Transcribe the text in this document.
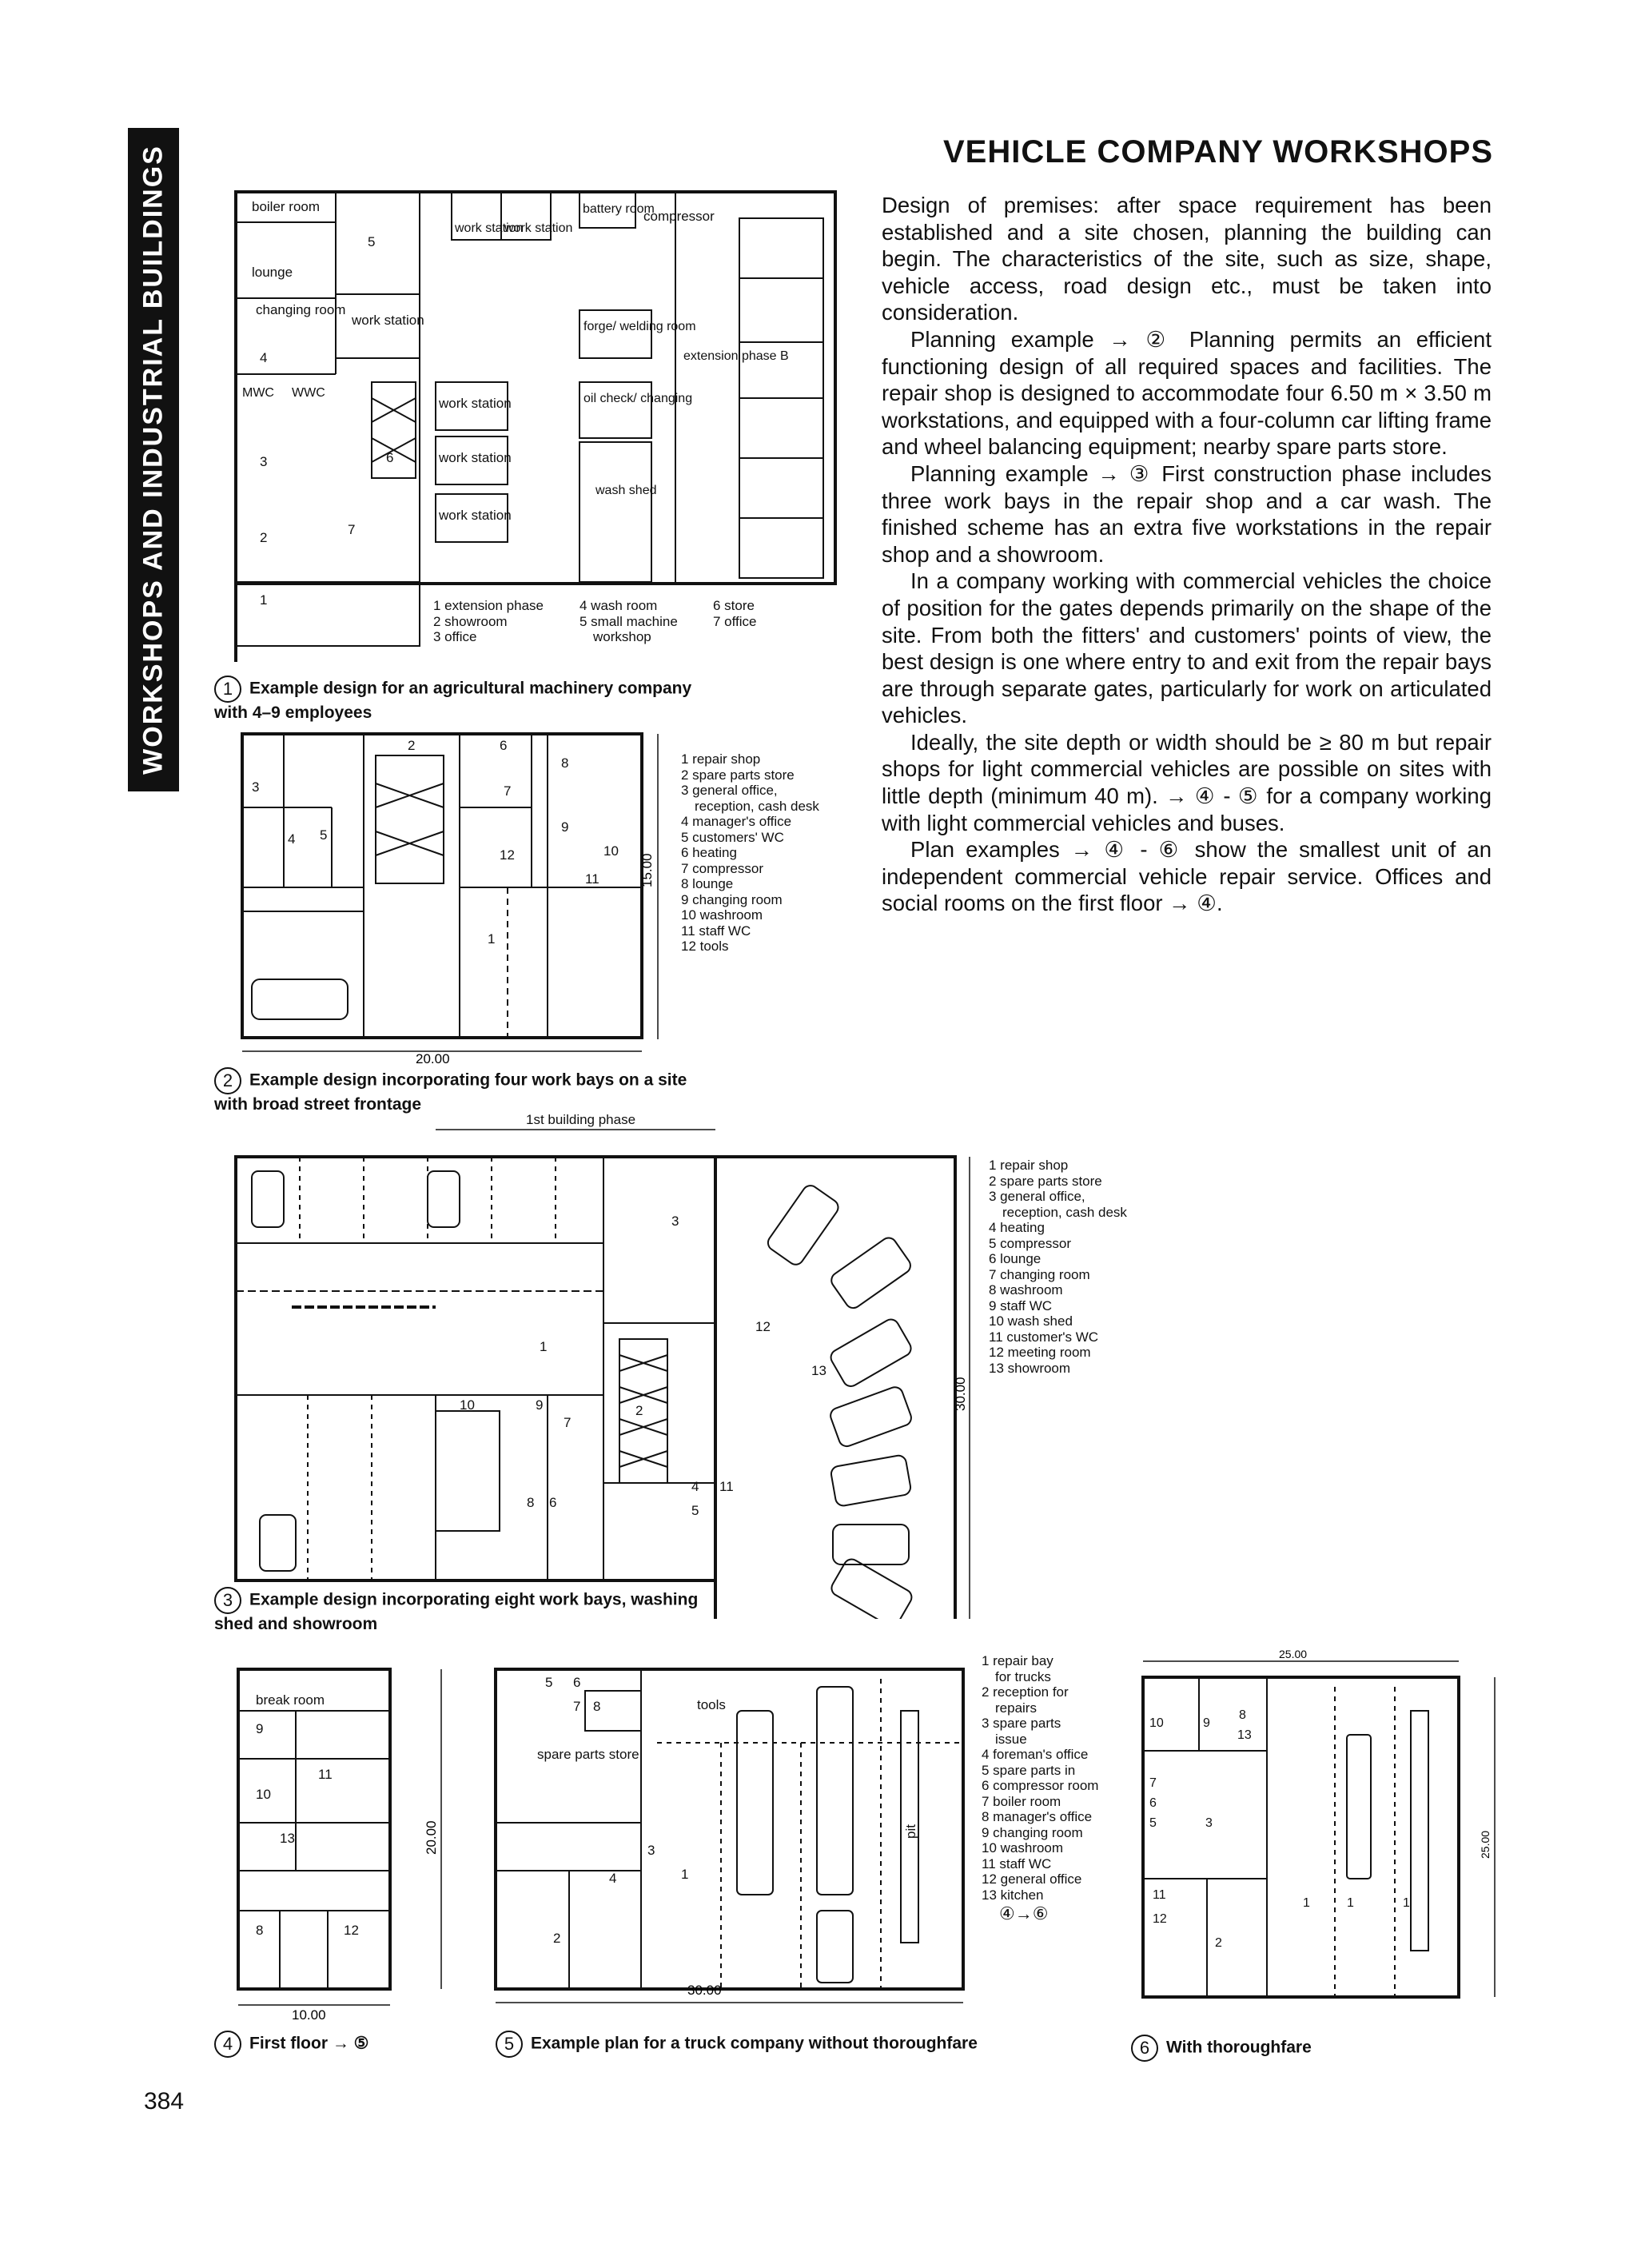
WORKSHOPS AND INDUSTRIAL BUILDINGS	VEHICLE COMPANY WORKSHOPS

Design of premises: after space requirement has been established and a site chosen, planning the building can begin. The characteristics of the site, such as size, shape, vehicle access, road design etc., must be taken into consideration.

Planning example → ② Planning permits an efficient functioning design of all required spaces and facilities. The repair shop is designed to accommodate four 6.50 m × 3.50 m workstations, and equipped with a four-column car lifting frame and wheel balancing equipment; nearby spare parts store.

Planning example → ③ First construction phase includes three work bays in the repair shop and a car wash. The finished scheme has an extra five workstations in the repair shop and a showroom.

In a company working with commercial vehicles the choice of position for the gates depends primarily on the shape of the site. From both the fitters' and customers' points of view, the best design is one where entry to and exit from the repair bays are through separate gates, particularly for work on articulated vehicles.

Ideally, the site depth or width should be ≥ 80 m but repair shops for light commercial vehicles are possible on sites with little depth (minimum 40 m). → ④ - ⑤ for a company working with light commercial vehicles and buses.

Plan examples → ④ - ⑥ show the smallest unit of an independent commercial vehicle repair service. Offices and social rooms on the first floor → ④.

boiler room
lounge
changing room
work station
work station
work station
work station
work station
work station
battery room
compressor
forge/ welding room
oil check/ changing
wash shed
extension phase B
MWC WWC
5
4
6
3
2
7
1	1 extension phase
2 showroom
3 office
4 wash room
5 small machine
workshop
6 store
7 office
1 Example design for an agricultural machinery company with 4–9 employees
2
3
4 5
6
7
8
9
10
11
12
1
15.00
20.00
1 repair shop
2 spare parts store
3 general office,
reception, cash desk
4 manager's office
5 customers' WC
6 heating
7 compressor
8 lounge
9 changing room
10 washroom
11 staff WC
12 tools
2 Example design incorporating four work bays on a site with broad street frontage
1st building phase
30.00
3
1
2
12
13
10	9
7
8 6
4
5
11
1 repair shop
2 spare parts store
3 general office,
reception, cash desk
4 heating
5 compressor
6 lounge
7 changing room
8 washroom
9 staff WC
10 wash shed
11 customer's WC
12 meeting room
13 showroom
3 Example design incorporating eight work bays, washing shed and showroom
break room
9
11
10
13
8	12
10.00
20.00
4 First floor → ⑤
tools
spare parts store
pit
5 6
7 8
3
4	1
2
30.00
1 repair bay
for trucks
2 reception for
repairs
3 spare parts
issue
4 foreman's office
5 spare parts in
6 compressor room
7 boiler room
8 manager's office
9 changing room
10 washroom
11 staff WC
12 general office
13 kitchen
④→⑥
5 Example plan for a truck company without thoroughfare
25.00
25.00
10	9
13
8
7
6
5	3
11
12
2
1	1	1
6 With thoroughfare
384
